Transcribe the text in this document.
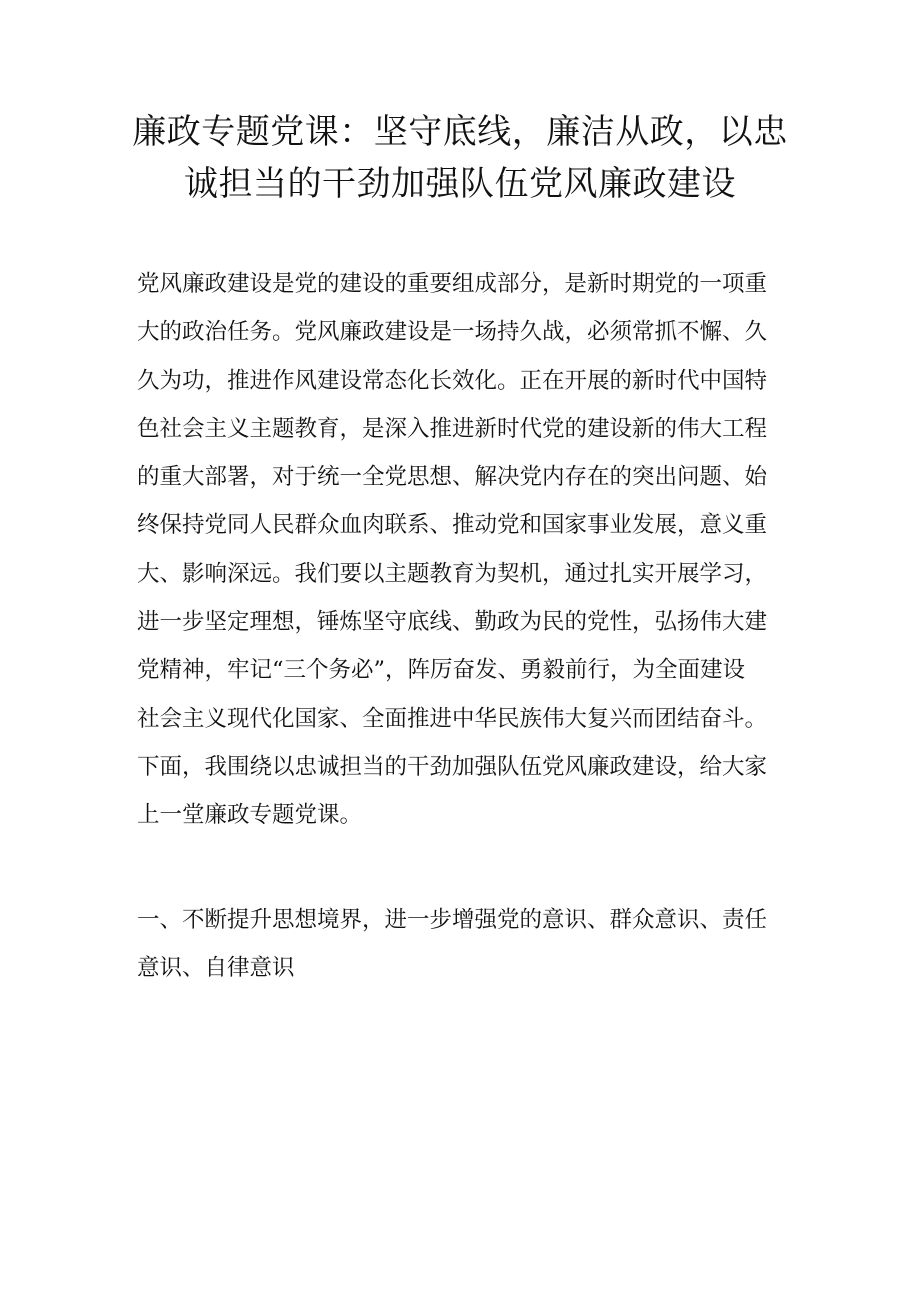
廉政专题党课：坚守底线，廉洁从政，以忠
诚担当的干劲加强队伍党风廉政建设
党风廉政建设是党的建设的重要组成部分，是新时期党的一项重
大的政治任务。党风廉政建设是一场持久战，必须常抓不懈、久
久为功，推进作风建设常态化长效化。正在开展的新时代中国特
色社会主义主题教育，是深入推进新时代党的建设新的伟大工程
的重大部署，对于统一全党思想、解决党内存在的突出问题、始
终保持党同人民群众血肉联系、推动党和国家事业发展，意义重
大、影响深远。我们要以主题教育为契机，通过扎实开展学习，
进一步坚定理想，锤炼坚守底线、勤政为民的党性，弘扬伟大建
党精神，牢记“三个务必”，阵厉奋发、勇毅前行，为全面建设
社会主义现代化国家、全面推进中华民族伟大复兴而团结奋斗。
下面，我围绕以忠诚担当的干劲加强队伍党风廉政建设，给大家
上一堂廉政专题党课。
一、不断提升思想境界，进一步增强党的意识、群众意识、责任
意识、自律意识
